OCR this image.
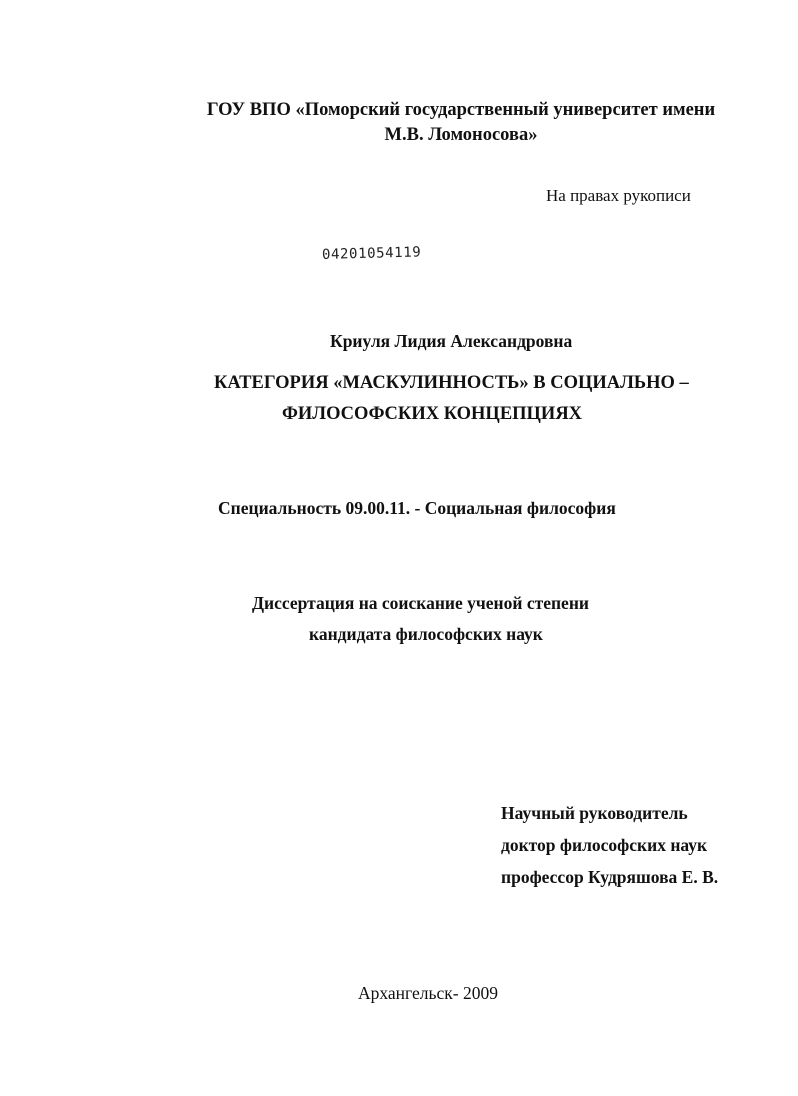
ГОУ ВПО «Поморский государственный университет имени
М.В. Ломоносова»
На правах рукописи
04201054119
Криуля Лидия Александровна
КАТЕГОРИЯ «МАСКУЛИННОСТЬ» В СОЦИАЛЬНО –
ФИЛОСОФСКИХ КОНЦЕПЦИЯХ
Специальность 09.00.11. - Социальная философия
Диссертация на соискание ученой степени
кандидата философских наук
Научный руководитель
доктор философских наук
профессор Кудряшова Е. В.
Архангельск- 2009
